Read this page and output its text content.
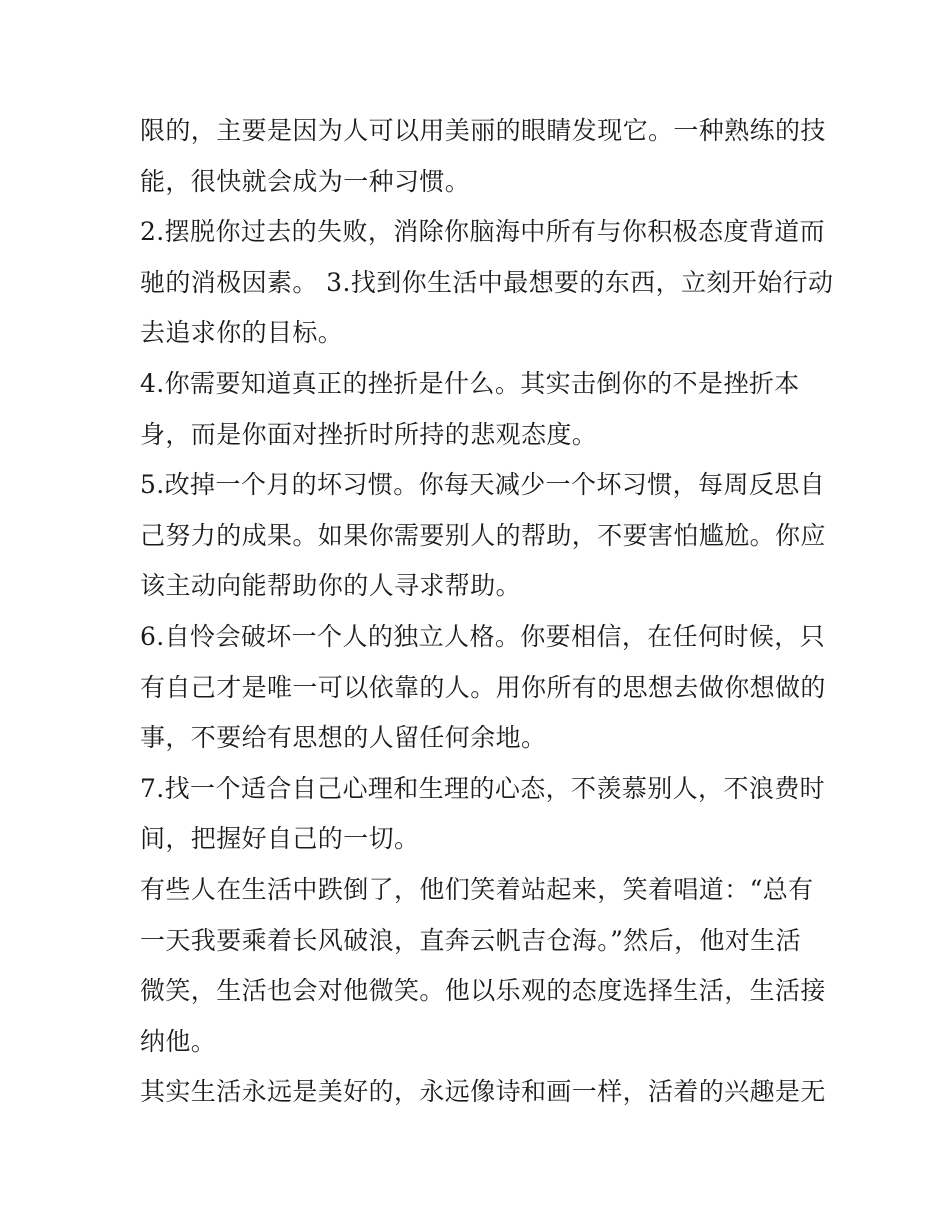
限的，主要是因为人可以用美丽的眼睛发现它。一种熟练的技
能，很快就会成为一种习惯。
2.摆脱你过去的失败，消除你脑海中所有与你积极态度背道而
驰的消极因素。 3.找到你生活中最想要的东西，立刻开始行动
去追求你的目标。
4.你需要知道真正的挫折是什么。其实击倒你的不是挫折本
身，而是你面对挫折时所持的悲观态度。
5.改掉一个月的坏习惯。你每天减少一个坏习惯，每周反思自
己努力的成果。如果你需要别人的帮助，不要害怕尴尬。你应
该主动向能帮助你的人寻求帮助。
6.自怜会破坏一个人的独立人格。你要相信，在任何时候，只
有自己才是唯一可以依靠的人。用你所有的思想去做你想做的
事，不要给有思想的人留任何余地。
7.找一个适合自己心理和生理的心态，不羡慕别人，不浪费时
间，把握好自己的一切。
有些人在生活中跌倒了，他们笑着站起来，笑着唱道：“总有
一天我要乘着长风破浪，直奔云帆吉仓海。”然后，他对生活
微笑，生活也会对他微笑。他以乐观的态度选择生活，生活接
纳他。
其实生活永远是美好的，永远像诗和画一样，活着的兴趣是无
